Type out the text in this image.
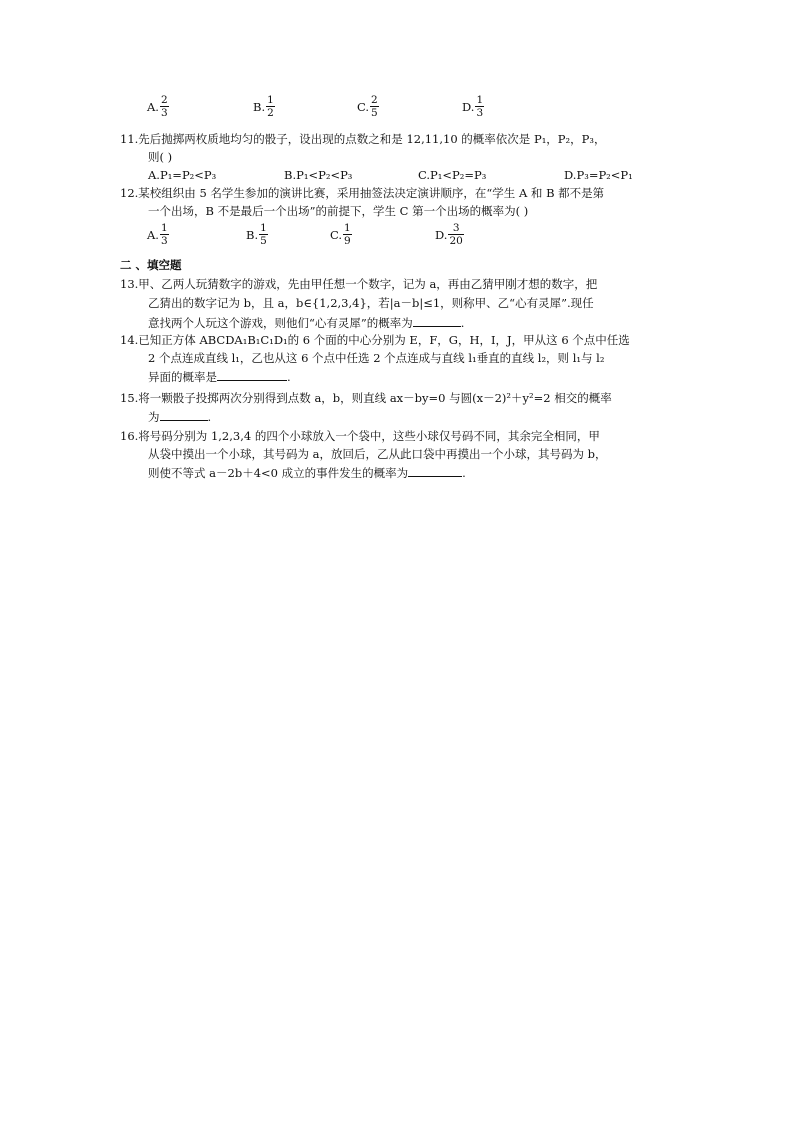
A. $\frac{2}{3}$	B. $\frac{1}{2}$	C. $\frac{2}{5}$	D. $\frac{1}{3}$
11.先后抛掷两枚质地均匀的骰子，设出现的点数之和是 12,11,10 的概率依次是 P₁，P₂，P₃，
则( )
A.P₁=P₂<P₃	B.P₁<P₂<P₃	C.P₁<P₂=P₃	D.P₃=P₂<P₁
12.某校组织由 5 名学生参加的演讲比赛，采用抽签法决定演讲顺序，在“学生 A 和 B 都不是第
一个出场，B 不是最后一个出场”的前提下，学生 C 第一个出场的概率为( )
A. $\frac{1}{3}$	B. $\frac{1}{5}$	C. $\frac{1}{9}$	D. $\frac{3}{20}$
二 、填空题
13.甲、乙两人玩猜数字的游戏，先由甲任想一个数字，记为 a，再由乙猜甲刚才想的数字，把
乙猜出的数字记为 b，且 a，b∈{1,2,3,4}，若|a－b|≤1，则称甲、乙“心有灵犀”.现任
意找两个人玩这个游戏，则他们“心有灵犀”的概率为	.
14.已知正方体 ABCDA₁B₁C₁D₁的 6 个面的中心分别为 E，F，G，H，I，J，甲从这 6 个点中任选
2 个点连成直线 l₁，乙也从这 6 个点中任选 2 个点连成与直线 l₁垂直的直线 l₂，则 l₁与 l₂
异面的概率是	.
15.将一颗骰子投掷两次分别得到点数 a，b，则直线 ax－by=0 与圆(x－2)²＋y²=2 相交的概率
为	.
16.将号码分别为 1,2,3,4 的四个小球放入一个袋中，这些小球仅号码不同，其余完全相同，甲
从袋中摸出一个小球，其号码为 a，放回后，乙从此口袋中再摸出一个小球，其号码为 b，
则使不等式 a－2b＋4<0 成立的事件发生的概率为	.
